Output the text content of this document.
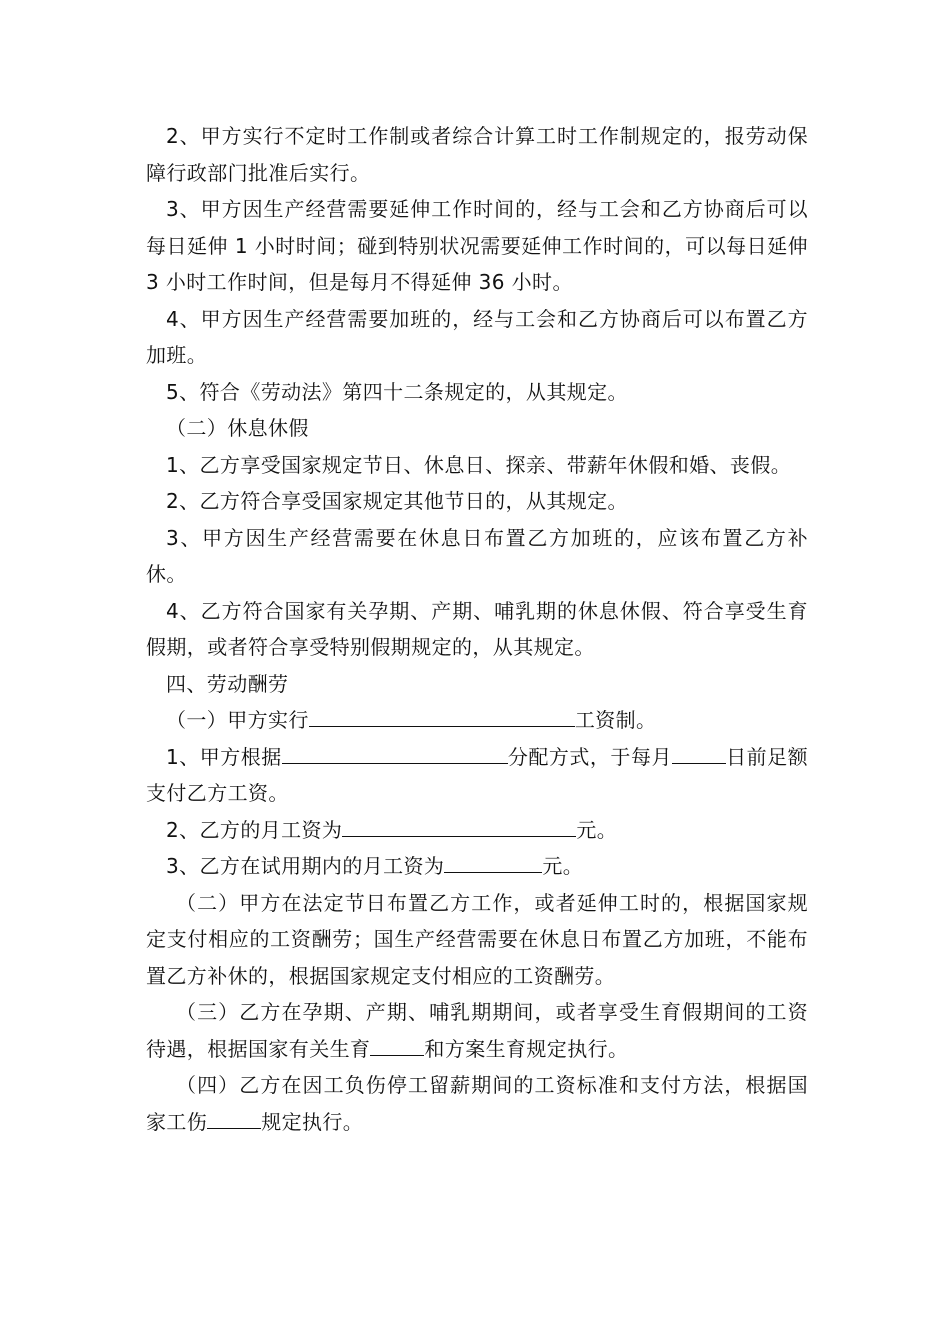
2、甲方实行不定时工作制或者综合计算工时工作制规定的，报劳动保障行政部门批准后实行。

3、甲方因生产经营需要延伸工作时间的，经与工会和乙方协商后可以每日延伸 1 小时时间；碰到特别状况需要延伸工作时间的，可以每日延伸 3 小时工作时间，但是每月不得延伸 36 小时。

4、甲方因生产经营需要加班的，经与工会和乙方协商后可以布置乙方加班。

5、符合《劳动法》第四十二条规定的，从其规定。

（二）休息休假

1、乙方享受国家规定节日、休息日、探亲、带薪年休假和婚、丧假。

2、乙方符合享受国家规定其他节日的，从其规定。

3、甲方因生产经营需要在休息日布置乙方加班的，应该布置乙方补休。

4、乙方符合国家有关孕期、产期、哺乳期的休息休假、符合享受生育假期，或者符合享受特别假期规定的，从其规定。

四、劳动酬劳

（一）甲方实行	工资制。

1、甲方根据	分配方式，于每月	日前足额支付乙方工资。

2、乙方的月工资为	元。

3、乙方在试用期内的月工资为	元。

（二）甲方在法定节日布置乙方工作，或者延伸工时的，根据国家规定支付相应的工资酬劳；国生产经营需要在休息日布置乙方加班，不能布置乙方补休的，根据国家规定支付相应的工资酬劳。

（三）乙方在孕期、产期、哺乳期期间，或者享受生育假期间的工资待遇，根据国家有关生育	和方案生育规定执行。

（四）乙方在因工负伤停工留薪期间的工资标准和支付方法，根据国家工伤	规定执行。
